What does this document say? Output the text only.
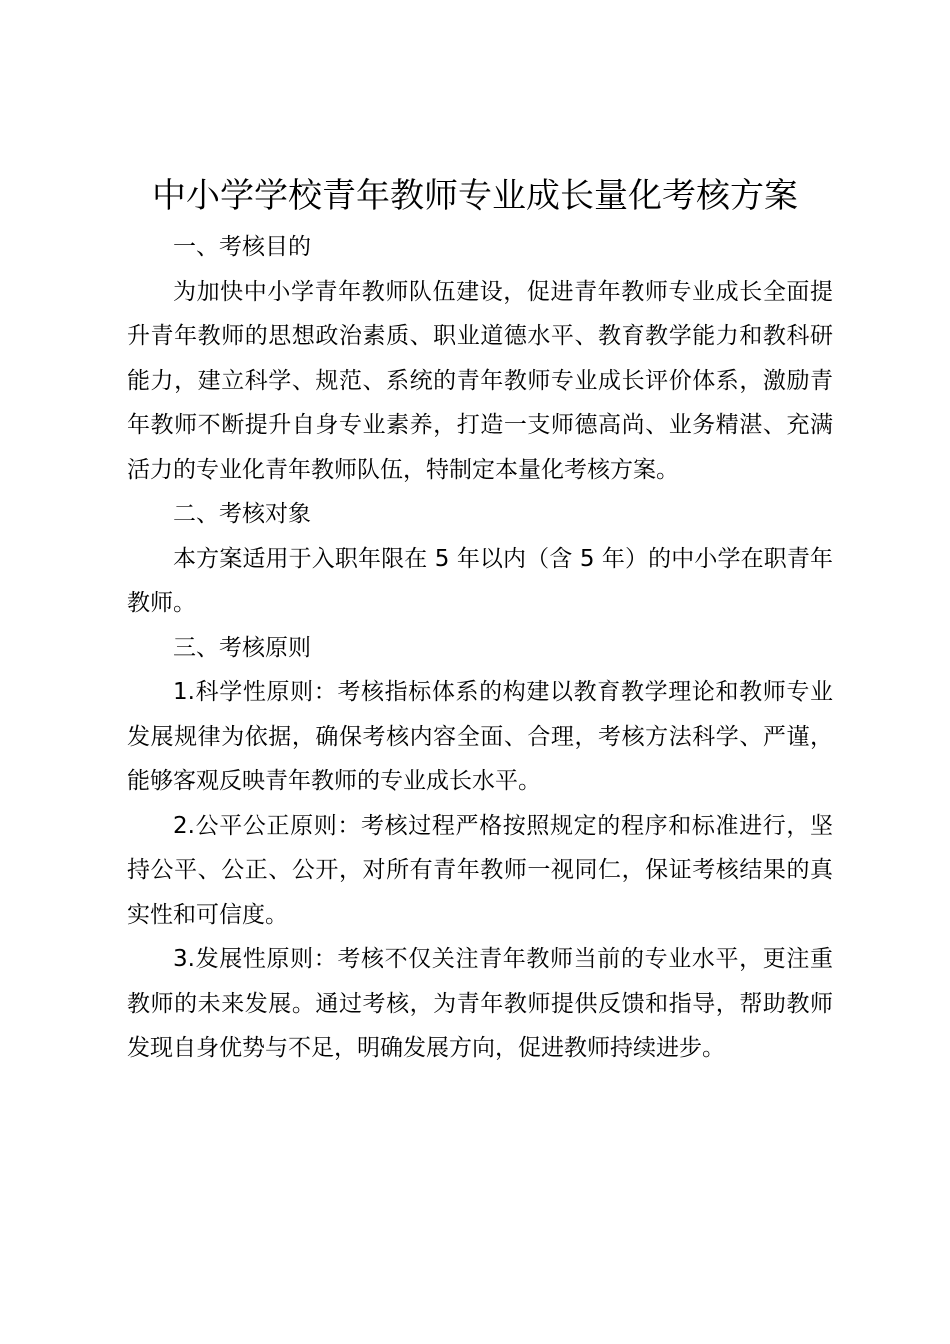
中小学学校青年教师专业成长量化考核方案

一、考核目的

为加快中小学青年教师队伍建设，促进青年教师专业成长全面提升青年教师的思想政治素质、职业道德水平、教育教学能力和教科研能力，建立科学、规范、系统的青年教师专业成长评价体系，激励青年教师不断提升自身专业素养，打造一支师德高尚、业务精湛、充满活力的专业化青年教师队伍，特制定本量化考核方案。

二、考核对象

本方案适用于入职年限在 5 年以内（含 5 年）的中小学在职青年教师。

三、考核原则

1.科学性原则：考核指标体系的构建以教育教学理论和教师专业发展规律为依据，确保考核内容全面、合理，考核方法科学、严谨，能够客观反映青年教师的专业成长水平。

2.公平公正原则：考核过程严格按照规定的程序和标准进行，坚持公平、公正、公开，对所有青年教师一视同仁，保证考核结果的真实性和可信度。

3.发展性原则：考核不仅关注青年教师当前的专业水平，更注重教师的未来发展。通过考核，为青年教师提供反馈和指导，帮助教师发现自身优势与不足，明确发展方向，促进教师持续进步。
